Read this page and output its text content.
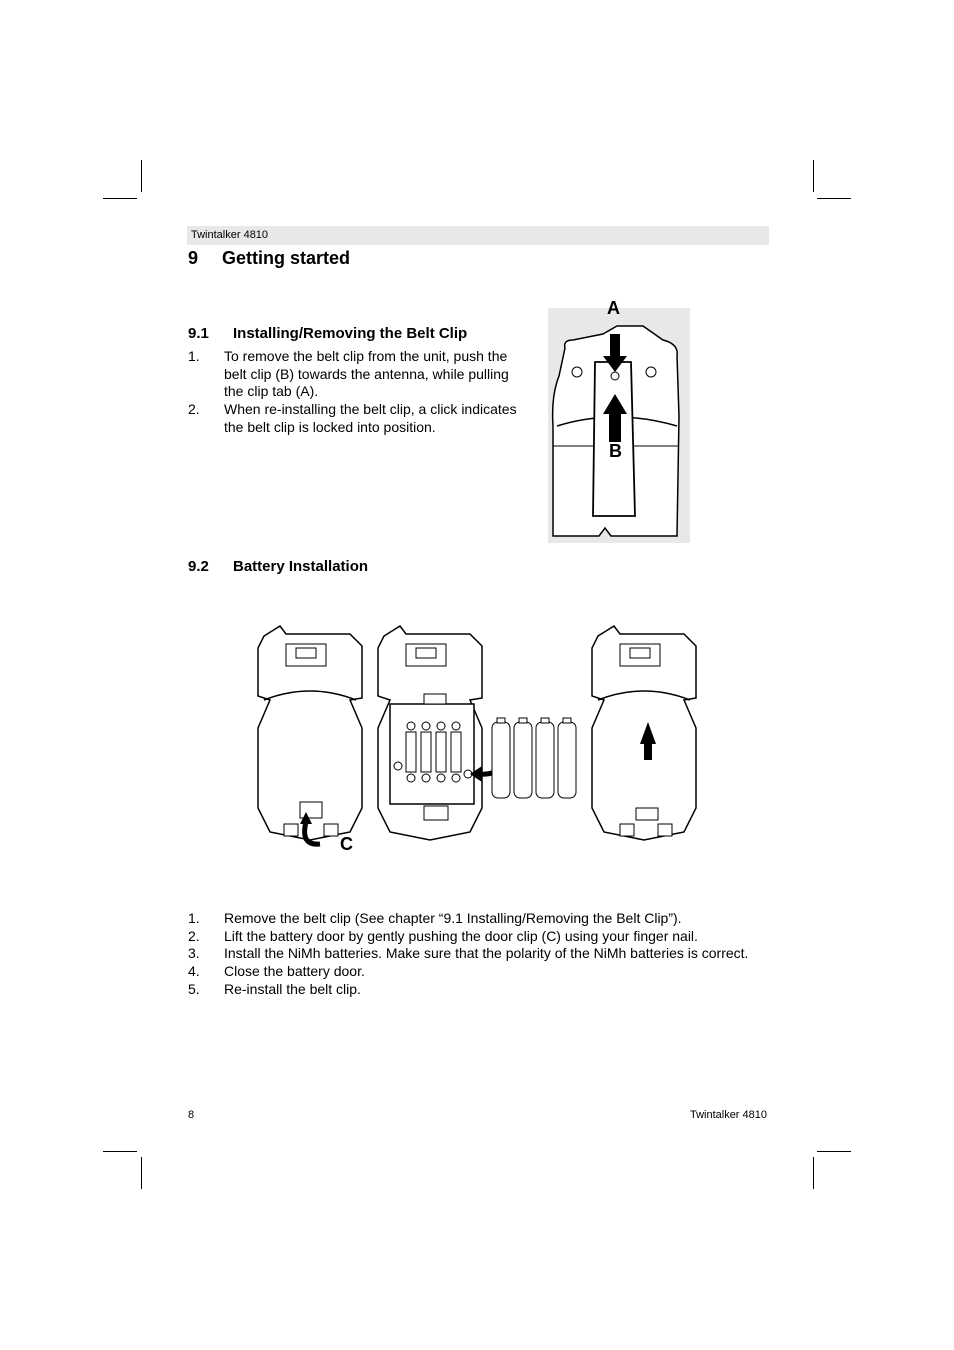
Twintalker 4810
9 Getting started
9.1 Installing/Removing the Belt Clip
1. To remove the belt clip from the unit, push the belt clip (B) towards the antenna, while pulling the clip tab (A).
2. When re-installing the belt clip, a click indicates the belt clip is locked into position.
A
B
9.2 Battery Installation
C
1. Remove the belt clip (See chapter “9.1 Installing/Removing the Belt Clip”).
2. Lift the battery door by gently pushing the door clip (C) using your finger nail.
3. Install the NiMh batteries. Make sure that the polarity of the NiMh batteries is correct.
4. Close the battery door.
5. Re-install the belt clip.
8	Twintalker 4810
